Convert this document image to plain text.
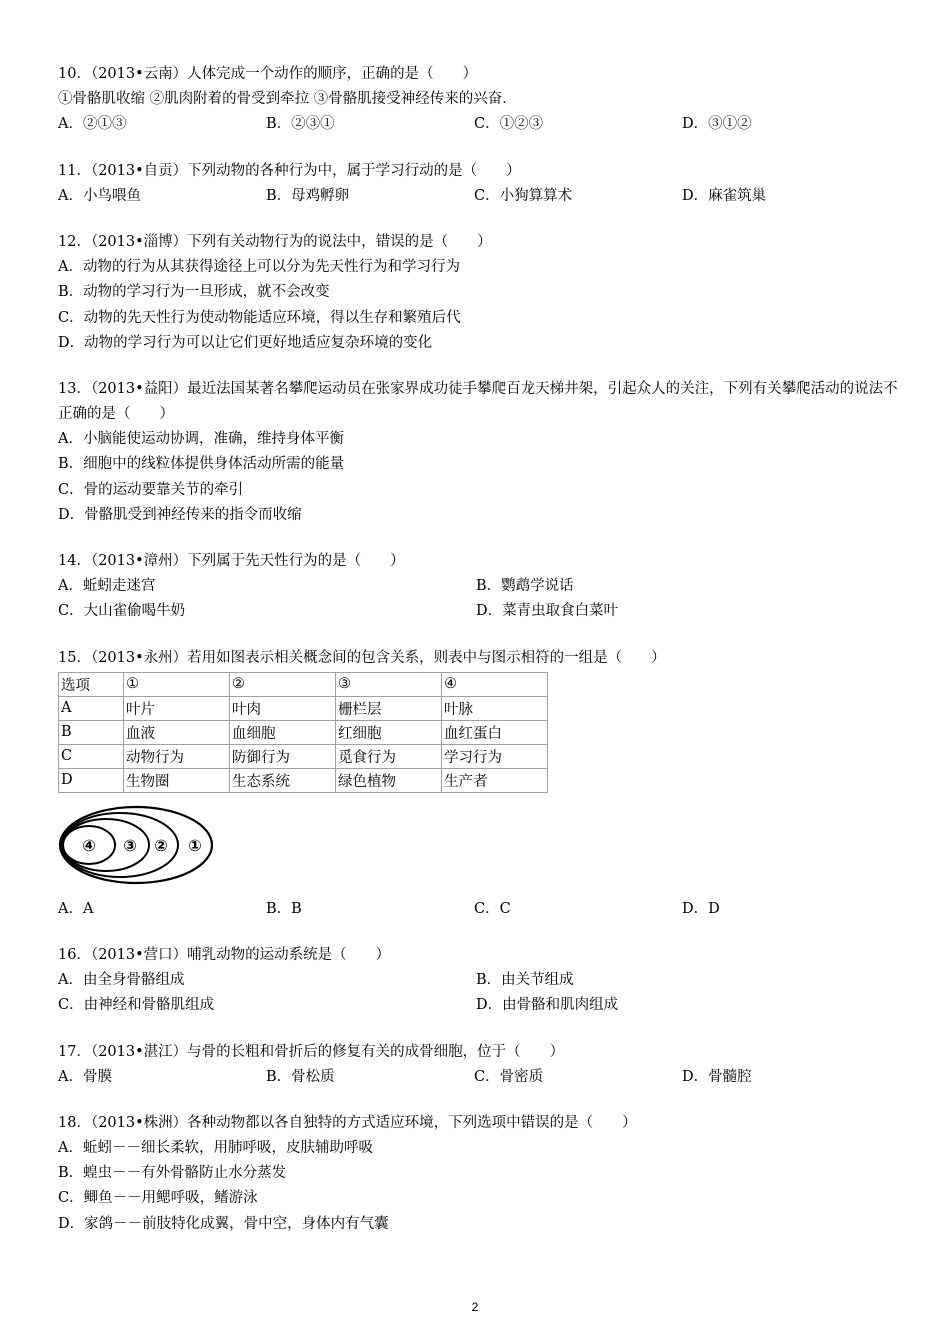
10．（2013•云南）人体完成一个动作的顺序，正确的是（　　）
①骨骼肌收缩 ②肌肉附着的骨受到牵拉 ③骨骼肌接受神经传来的兴奋．
A．②①③	B．②③①	C．①②③	D．③①②
11．（2013•自贡）下列动物的各种行为中，属于学习行动的是（　　）
A．小鸟喂鱼	B．母鸡孵卵	C．小狗算算术	D．麻雀筑巢
12．（2013•淄博）下列有关动物行为的说法中，错误的是（　　）
A．动物的行为从其获得途径上可以分为先天性行为和学习行为
B．动物的学习行为一旦形成，就不会改变
C．动物的先天性行为使动物能适应环境，得以生存和繁殖后代
D．动物的学习行为可以让它们更好地适应复杂环境的变化
13．（2013•益阳）最近法国某著名攀爬运动员在张家界成功徒手攀爬百龙天梯井架，引起众人的关注，下列有关攀爬活动的说法不正确的是（　　）
A．小脑能使运动协调，准确，维持身体平衡
B．细胞中的线粒体提供身体活动所需的能量
C．骨的运动要靠关节的牵引
D．骨骼肌受到神经传来的指令而收缩
14．（2013•漳州）下列属于先天性行为的是（　　）
A．蚯蚓走迷宫	B．鹦鹉学说话
C．大山雀偷喝牛奶	D．菜青虫取食白菜叶
15．（2013•永州）若用如图表示相关概念间的包含关系，则表中与图示相符的一组是（　　）
选项	①	②	③	④
A	叶片	叶肉	栅栏层	叶脉
B	血液	血细胞	红细胞	血红蛋白
C	动物行为	防御行为	觅食行为	学习行为
D	生物圈	生态系统	绿色植物	生产者
④ ③ ② ①
A．A	B．B	C．C	D．D
16．（2013•营口）哺乳动物的运动系统是（　　）
A．由全身骨骼组成	B．由关节组成
C．由神经和骨骼肌组成	D．由骨骼和肌肉组成
17．（2013•湛江）与骨的长粗和骨折后的修复有关的成骨细胞，位于（　　）
A．骨膜	B．骨松质	C．骨密质	D．骨髓腔
18．（2013•株洲）各种动物都以各自独特的方式适应环境，下列选项中错误的是（　　）
A．蚯蚓－－细长柔软，用肺呼吸，皮肤辅助呼吸
B．蝗虫－－有外骨骼防止水分蒸发
C．鲫鱼－－用鳃呼吸，鳍游泳
D．家鸽－－前肢特化成翼，骨中空，身体内有气囊
2
